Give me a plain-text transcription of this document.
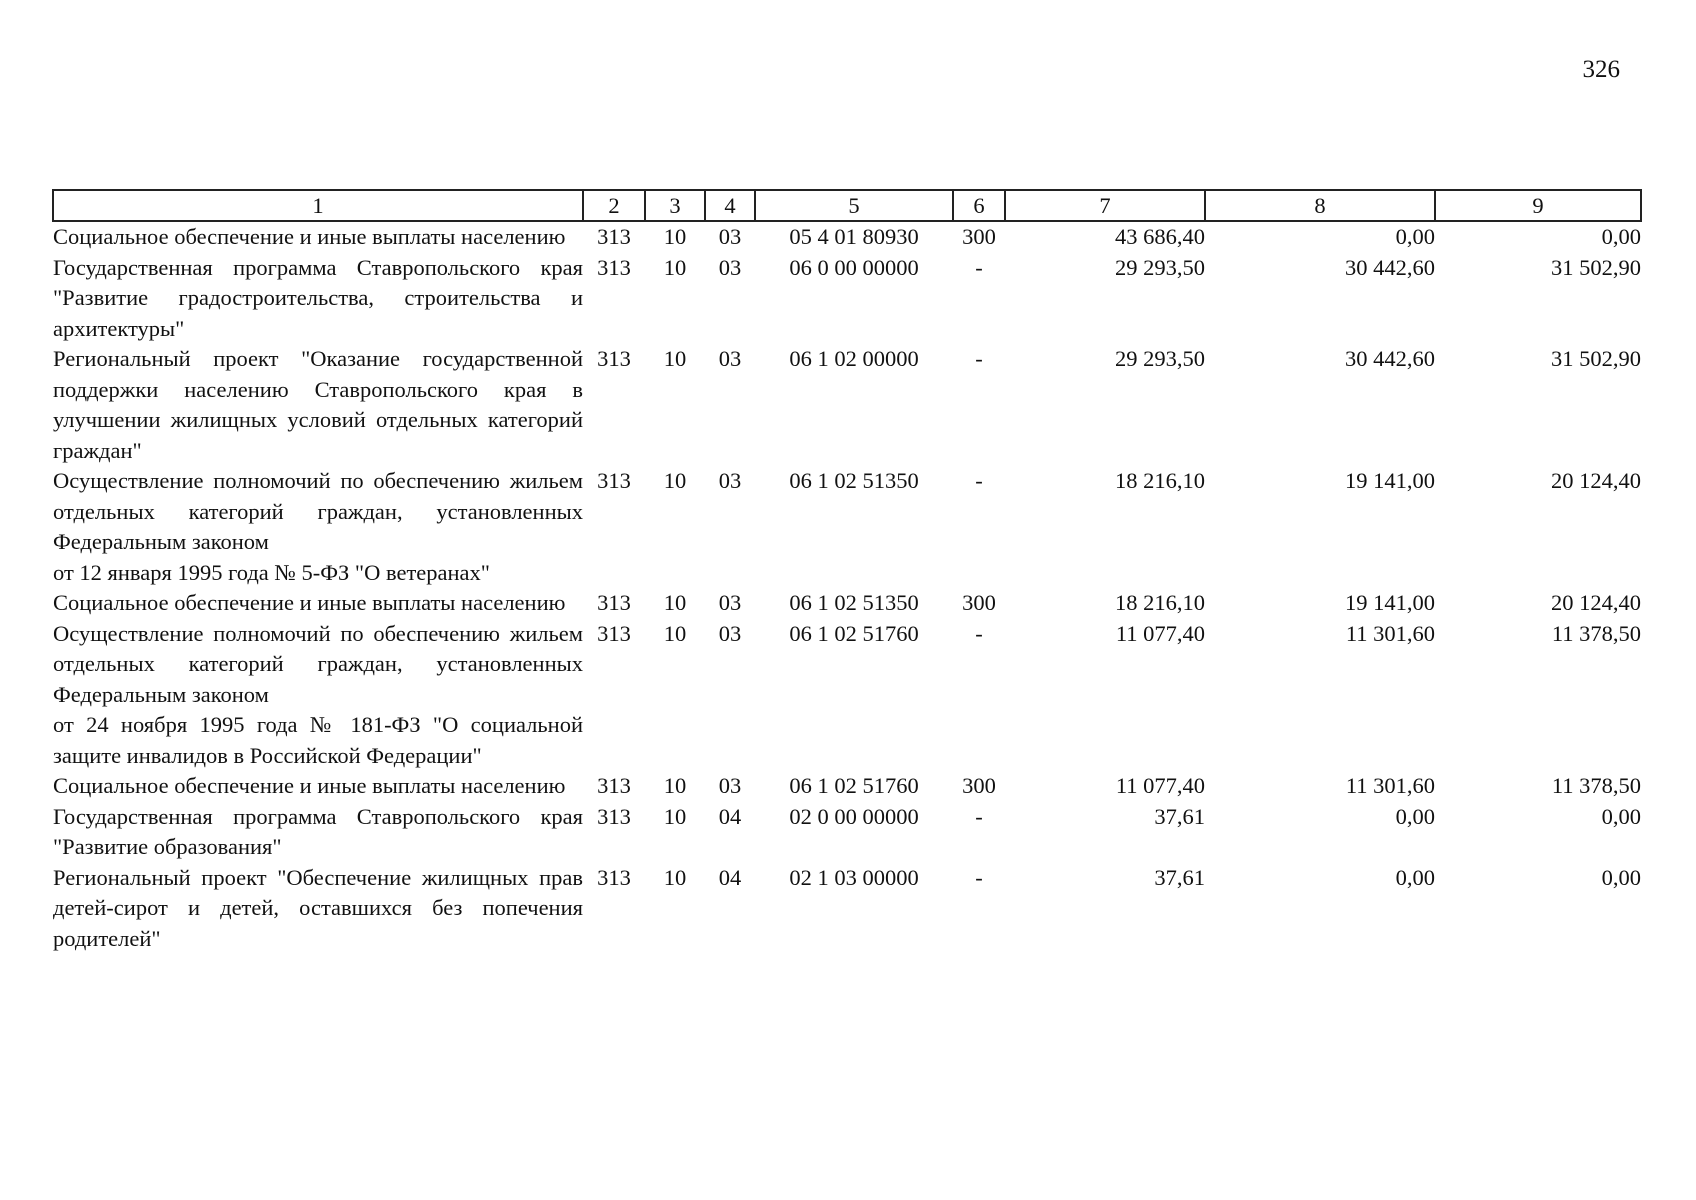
326
1	2	3	4	5	6	7	8	9

Социальное обеспечение и иные выплаты населению	313	10	03	05 4 01 80930	300	43 686,40	0,00	0,00

Государственная программа Ставропольского края "Развитие градостроительства, строительства и архитектуры"	313	10	03	06 0 00 00000	-	29 293,50	30 442,60	31 502,90

Региональный проект "Оказание государственной поддержки населению Ставропольского края в улучшении жилищных условий отдельных категорий граждан"	313	10	03	06 1 02 00000	-	29 293,50	30 442,60	31 502,90

Осуществление полномочий по обеспечению жильем отдельных категорий граждан, установленных Федеральным законом
от 12 января 1995 года № 5-ФЗ "О ветеранах"	313	10	03	06 1 02 51350	-	18 216,10	19 141,00	20 124,40

Социальное обеспечение и иные выплаты населению	313	10	03	06 1 02 51350	300	18 216,10	19 141,00	20 124,40

Осуществление полномочий по обеспечению жильем отдельных категорий граждан, установленных Федеральным законом
от 24 ноября 1995 года № 181-ФЗ "О социальной защите инвалидов в Российской Федерации"	313	10	03	06 1 02 51760	-	11 077,40	11 301,60	11 378,50

Социальное обеспечение и иные выплаты населению	313	10	03	06 1 02 51760	300	11 077,40	11 301,60	11 378,50

Государственная программа Ставропольского края "Развитие образования"	313	10	04	02 0 00 00000	-	37,61	0,00	0,00

Региональный проект "Обеспечение жилищных прав детей-сирот и детей, оставшихся без попечения родителей"	313	10	04	02 1 03 00000	-	37,61	0,00	0,00
